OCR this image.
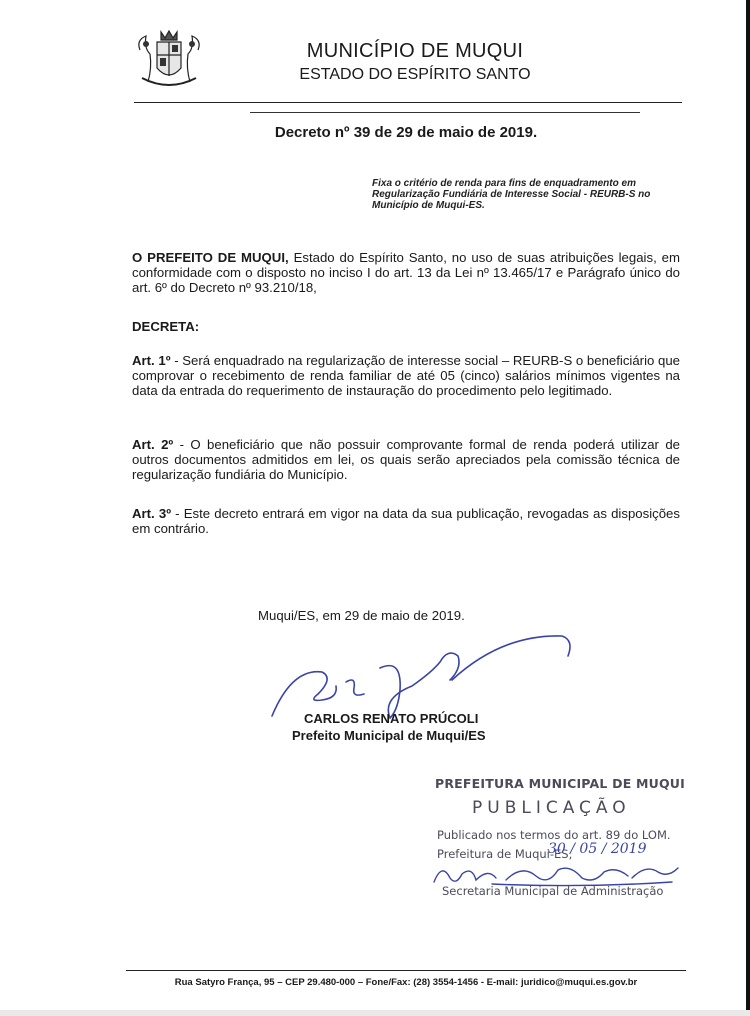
MUNICÍPIO DE MUQUI
ESTADO DO ESPÍRITO SANTO
Decreto nº 39 de 29 de maio de 2019.
Fixa o critério de renda para fins de enquadramento em Regularização Fundiária de Interesse Social - REURB-S no Município de Muqui-ES.
O PREFEITO DE MUQUI, Estado do Espírito Santo, no uso de suas atribuições legais, em conformidade com o disposto no inciso I do art. 13 da Lei nº 13.465/17 e Parágrafo único do art. 6º do Decreto nº 93.210/18,
DECRETA:
Art. 1º - Será enquadrado na regularização de interesse social – REURB-S o beneficiário que comprovar o recebimento de renda familiar de até 05 (cinco) salários mínimos vigentes na data da entrada do requerimento de instauração do procedimento pelo legitimado.
Art. 2º - O beneficiário que não possuir comprovante formal de renda poderá utilizar de outros documentos admitidos em lei, os quais serão apreciados pela comissão técnica de regularização fundiária do Município.
Art. 3º - Este decreto entrará em vigor na data da sua publicação, revogadas as disposições em contrário.
Muqui/ES, em 29 de maio de 2019.
CARLOS RENATO PRÚCOLI
Prefeito Municipal de Muqui/ES
PREFEITURA MUNICIPAL DE MUQUI
PUBLICAÇÃO
Publicado nos termos do art. 89 do LOM.
Prefeitura de Muqui-ES,
30 / 05 / 2019
Secretaria Municipal de Administração
Rua Satyro França, 95 – CEP 29.480-000 – Fone/Fax: (28) 3554-1456 - E-mail: juridico@muqui.es.gov.br
